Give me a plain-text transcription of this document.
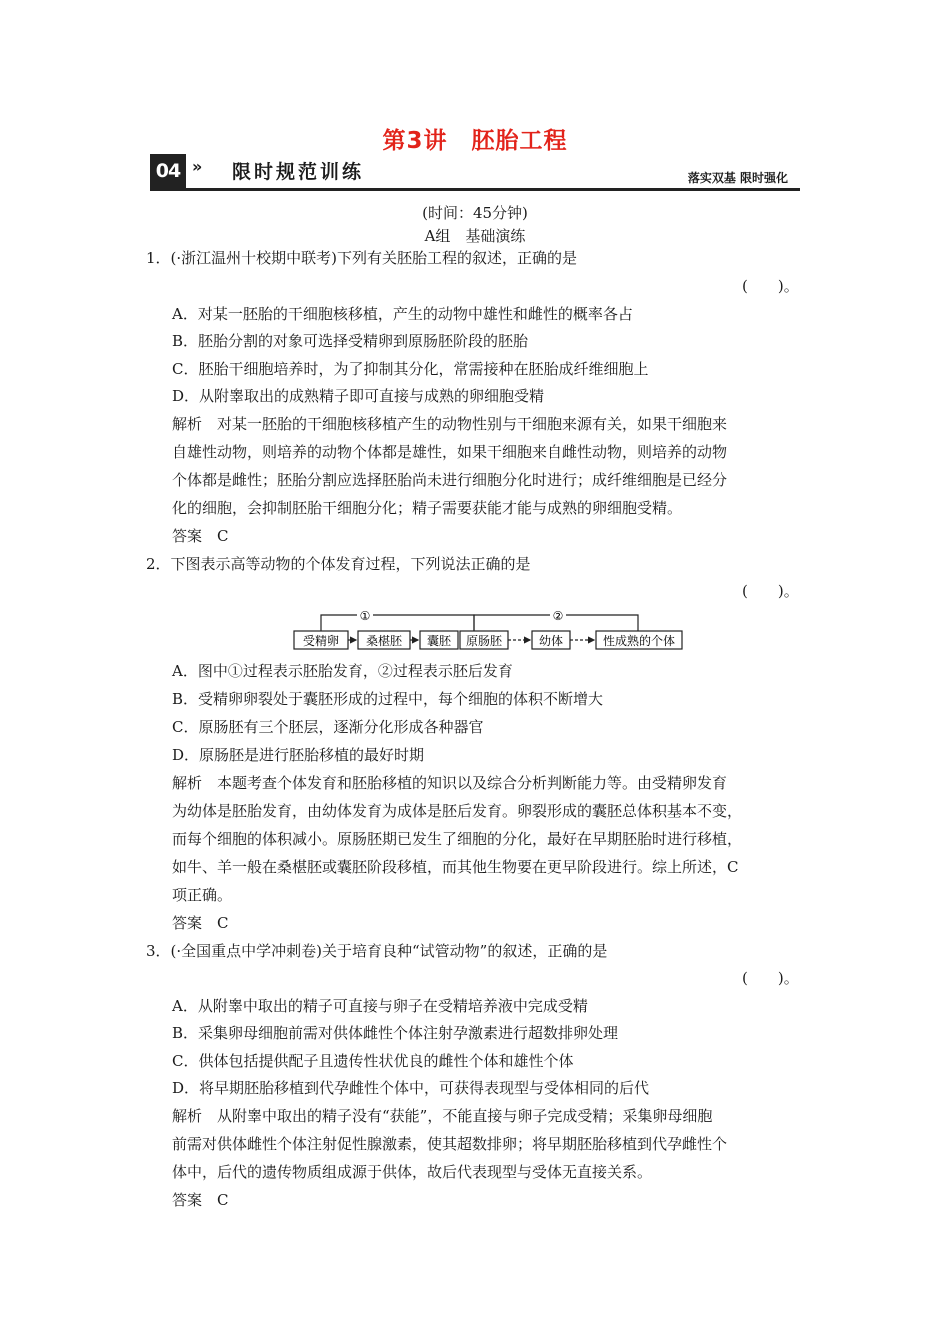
第3讲　胚胎工程
04 » 限时规范训练	落实双基 限时强化
(时间：45分钟)
A组　基础演练
1．(·浙江温州十校期中联考)下列有关胚胎工程的叙述，正确的是
(　　)。
A．对某一胚胎的干细胞核移植，产生的动物中雄性和雌性的概率各占
B．胚胎分割的对象可选择受精卵到原肠胚阶段的胚胎
C．胚胎干细胞培养时，为了抑制其分化，常需接种在胚胎成纤维细胞上
D．从附睾取出的成熟精子即可直接与成熟的卵细胞受精
解析　对某一胚胎的干细胞核移植产生的动物性别与干细胞来源有关，如果干细胞来
自雄性动物，则培养的动物个体都是雄性，如果干细胞来自雌性动物，则培养的动物
个体都是雌性；胚胎分割应选择胚胎尚未进行细胞分化时进行；成纤维细胞是已经分
化的细胞，会抑制胚胎干细胞分化；精子需要获能才能与成熟的卵细胞受精。
答案　C
2．下图表示高等动物的个体发育过程，下列说法正确的是
(　　)。
①	②
受精卵 桑椹胚 囊胚 原肠胚	幼体	性成熟的个体
A．图中①过程表示胚胎发育，②过程表示胚后发育
B．受精卵卵裂处于囊胚形成的过程中，每个细胞的体积不断增大
C．原肠胚有三个胚层，逐渐分化形成各种器官
D．原肠胚是进行胚胎移植的最好时期
解析　本题考查个体发育和胚胎移植的知识以及综合分析判断能力等。由受精卵发育
为幼体是胚胎发育，由幼体发育为成体是胚后发育。卵裂形成的囊胚总体积基本不变，
而每个细胞的体积减小。原肠胚期已发生了细胞的分化，最好在早期胚胎时进行移植，
如牛、羊一般在桑椹胚或囊胚阶段移植，而其他生物要在更早阶段进行。综上所述，C
项正确。
答案　C
3．(·全国重点中学冲刺卷)关于培育良种“试管动物”的叙述，正确的是
(　　)。
A．从附睾中取出的精子可直接与卵子在受精培养液中完成受精
B．采集卵母细胞前需对供体雌性个体注射孕激素进行超数排卵处理
C．供体包括提供配子且遗传性状优良的雌性个体和雄性个体
D．将早期胚胎移植到代孕雌性个体中，可获得表现型与受体相同的后代
解析　从附睾中取出的精子没有“获能”，不能直接与卵子完成受精；采集卵母细胞
前需对供体雌性个体注射促性腺激素，使其超数排卵；将早期胚胎移植到代孕雌性个
体中，后代的遗传物质组成源于供体，故后代表现型与受体无直接关系。
答案　C
